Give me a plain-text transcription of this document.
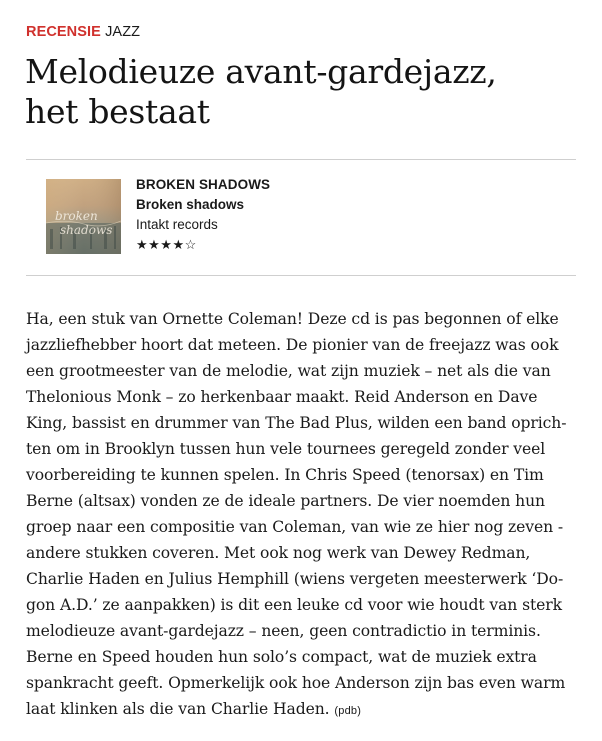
RECENSIE JAZZ
Melodieuze avant-gardejazz,
het bestaat
broken
shadows
BROKEN SHADOWS
Broken shadows
Intakt records
★★★★☆
Ha, een stuk van Ornette Coleman! Deze cd is pas begonnen of elke
jazzliefhebber hoort dat meteen. De pionier van de freejazz was ook
een grootmeester van de melodie, wat zijn muziek – net als die van
Thelonious Monk – zo herkenbaar maakt. Reid Anderson en Dave
King, bassist en drummer van The Bad Plus, wilden een band oprich-
ten om in Brooklyn tussen hun vele tournees geregeld zonder veel
voorbereiding te kunnen spelen. In Chris Speed (tenorsax) en Tim
Berne (altsax) vonden ze de ideale partners. De vier noemden hun
groep naar een compositie van Coleman, van wie ze hier nog zeven -
andere stukken coveren. Met ook nog werk van Dewey Redman,
Charlie Haden en Julius Hemphill (wiens vergeten meesterwerk ‘Do-
gon A.D.’ ze aanpakken) is dit een leuke cd voor wie houdt van sterk
melodieuze avant-gardejazz – neen, geen contradictio in terminis.
Berne en Speed houden hun solo’s compact, wat de muziek extra
spankracht geeft. Opmerkelijk ook hoe Anderson zijn bas even warm
laat klinken als die van Charlie Haden. (pdb)
